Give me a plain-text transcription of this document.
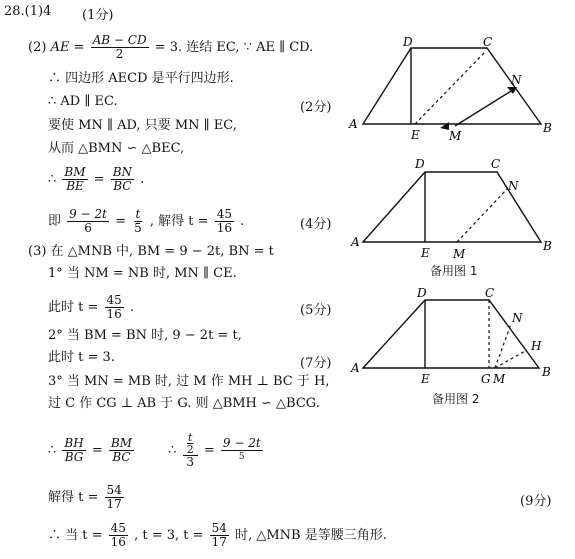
28.(1)4 (1分)
(2) AE = $\frac{AB - CD}{2} = 3$. 连结 EC, ∵ AE ∥ CD.
∴ 四边形 AECD 是平行四边形.
∴ AD ∥ EC.	(2分)
要使 MN ∥ AD, 只要 MN ∥ EC,
从而 △BMN ∽ △BEC,
∴ $\frac{BM}{BE} = \frac{BN}{BC}$ .
即 $\frac{9 - 2t}{6} = \frac{t}{5}$ , 解得 $t = \frac{45}{16}$ .	(4分)
(3) 在 △MNB 中, BM = 9 − 2t, BN = t
1° 当 NM = NB 时, MN ∥ CE.
此时 $t = \frac{45}{16}$ .	(5分)
2° 当 BM = BN 时, 9 − 2t = t,
此时 t = 3.	(7分)
3° 当 MN = MB 时, 过 M 作 MH ⊥ BC 于 H,
过 C 作 CG ⊥ AB 于 G. 则 △BMH ∽ △BCG.
∴ $\frac{BH}{BG} = \frac{BM}{BC}$	∴ $\frac{\frac{t}{2}}{3} = \frac{9 - 2t}{5}$
解得 $t = \frac{54}{17}$	(9分)
∴ 当 $t = \frac{45}{16}$ , t = 3, $t = \frac{54}{17}$ 时, △MNB 是等腰三角形.
D	C
N
A
E M
B
D	C
N
A
E M
B
备用图 1
D	C
N
H
A
E	G M	B
备用图 2
